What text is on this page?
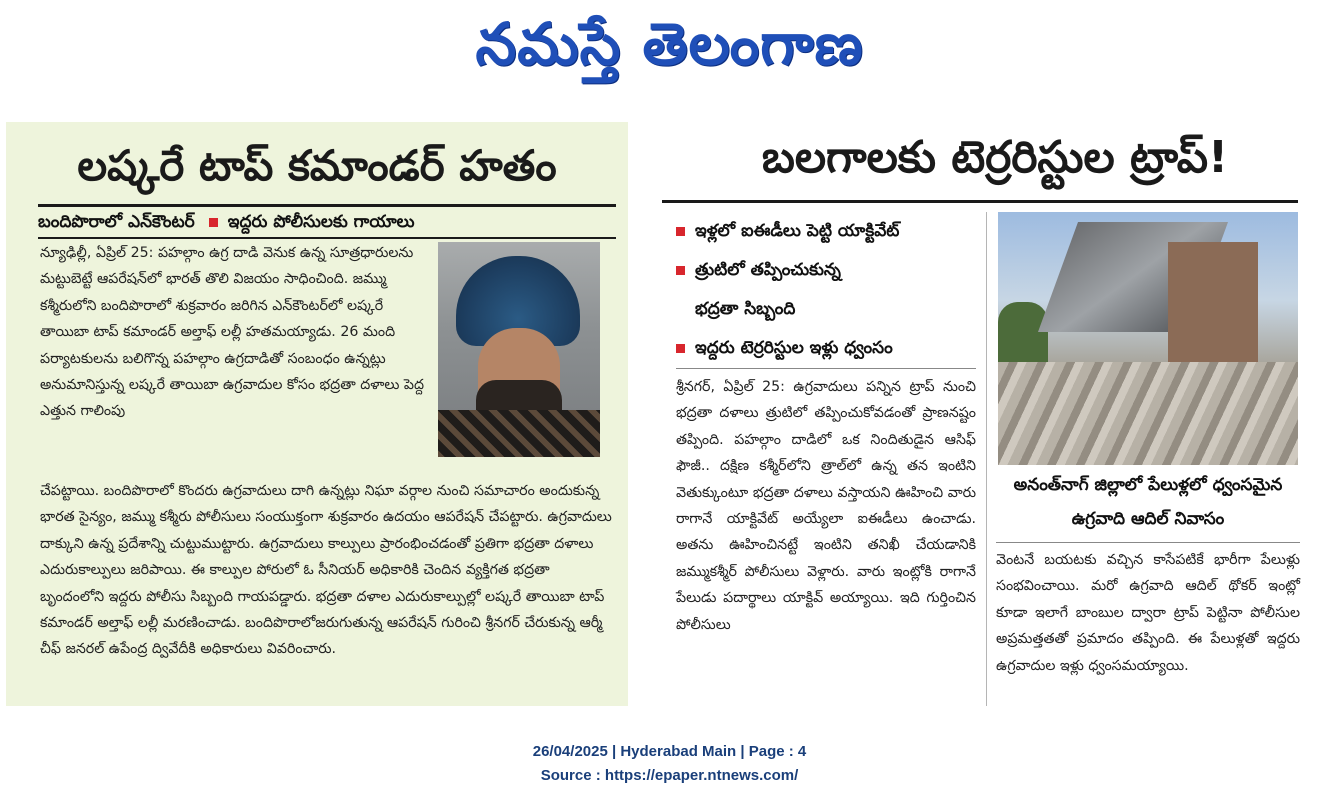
నమస్తే తెలంగాణ
లష్కరే టాప్ కమాండర్ హతం
బందిపొరాలో ఎన్‌కౌంటర్ ఇద్దరు పోలీసులకు గాయాలు
న్యూఢిల్లీ, ఏప్రిల్ 25: పహల్గాం ఉగ్ర దాడి వెనుక ఉన్న సూత్రధారులను మట్టుబెట్టే ఆపరేషన్‌లో భారత్ తొలి విజయం సాధించింది. జమ్ము కశ్మీరులోని బందిపొరాలో శుక్రవారం జరిగిన ఎన్‌కౌంటర్‌లో లష్కరే తాయిబా టాప్ కమాండర్ అల్తాఫ్ లల్లీ హతమయ్యాడు. 26 మంది పర్యాటకులను బలిగొన్న పహల్గాం ఉగ్రదాడితో సంబంధం ఉన్నట్లు అనుమానిస్తున్న లష్కరే తాయిబా ఉగ్రవాదుల కోసం భద్రతా దళాలు పెద్ద ఎత్తున గాలింపు
చేపట్టాయి. బందిపొరాలో కొందరు ఉగ్రవాదులు దాగి ఉన్నట్లు నిఘా వర్గాల నుంచి సమాచారం అందుకున్న భారత సైన్యం, జమ్ము కశ్మీరు పోలీసులు సంయుక్తంగా శుక్రవారం ఉదయం ఆపరేషన్ చేపట్టారు. ఉగ్రవాదులు దాక్కుని ఉన్న ప్రదేశాన్ని చుట్టుముట్టారు. ఉగ్రవాదులు కాల్పులు ప్రారంభించడంతో ప్రతిగా భద్రతా దళాలు ఎదురుకాల్పులు జరిపాయి. ఈ కాల్పుల పోరులో ఓ సీనియర్ అధికారికి చెందిన వ్యక్తిగత భద్రతా బృందంలోని ఇద్దరు పోలీసు సిబ్బంది గాయపడ్డారు. భద్రతా దళాల ఎదురుకాల్పుల్లో లష్కరే తాయిబా టాప్ కమాండర్ అల్తాఫ్ లల్లీ మరణించాడు. బందిపొరాలోజరుగుతున్న ఆపరేషన్ గురించి శ్రీనగర్ చేరుకున్న ఆర్మీ చీఫ్ జనరల్ ఉపేంద్ర ద్వివేదీకి అధికారులు వివరించారు.
బలగాలకు టెర్రరిస్టుల ట్రాప్!
ఇళ్లలో ఐఈడీలు పెట్టి యాక్టివేట్
త్రుటిలో తప్పించుకున్న
భద్రతా సిబ్బంది
ఇద్దరు టెర్రరిస్టుల ఇళ్లు ధ్వంసం
శ్రీనగర్, ఏప్రిల్ 25: ఉగ్రవాదులు పన్నిన ట్రాప్ నుంచి భద్రతా దళాలు త్రుటిలో తప్పించుకోవడంతో ప్రాణనష్టం తప్పింది. పహల్గాం దాడిలో ఒక నిందితుడైన ఆసిఫ్ ఫౌజీ.. దక్షిణ కశ్మీర్‌లోని త్రాల్‌లో ఉన్న తన ఇంటిని వెతుక్కుంటూ భద్రతా దళాలు వస్తాయని ఊహించి వారు రాగానే యాక్టివేట్ అయ్యేలా ఐఈడీలు ఉంచాడు. అతను ఊహించినట్టే ఇంటిని తనిఖీ చేయడానికి జమ్ముకశ్మీర్ పోలీసులు వెళ్లారు. వారు ఇంట్లోకి రాగానే పేలుడు పదార్థాలు యాక్టివ్ అయ్యాయి. ఇది గుర్తించిన పోలీసులు
అనంత్‌నాగ్ జిల్లాలో పేలుళ్లలో ధ్వంసమైన ఉగ్రవాది ఆదిల్ నివాసం
వెంటనే బయటకు వచ్చిన కాసేపటికే భారీగా పేలుళ్లు సంభవించాయి. మరో ఉగ్రవాది ఆదిల్ థోకర్ ఇంట్లో కూడా ఇలాగే బాంబుల ద్వారా ట్రాప్ పెట్టినా పోలీసుల అప్రమత్తతతో ప్రమాదం తప్పింది. ఈ పేలుళ్లతో ఇద్దరు ఉగ్రవాదుల ఇళ్లు ధ్వంసమయ్యాయి.
26/04/2025 | Hyderabad Main | Page : 4
Source : https://epaper.ntnews.com/
